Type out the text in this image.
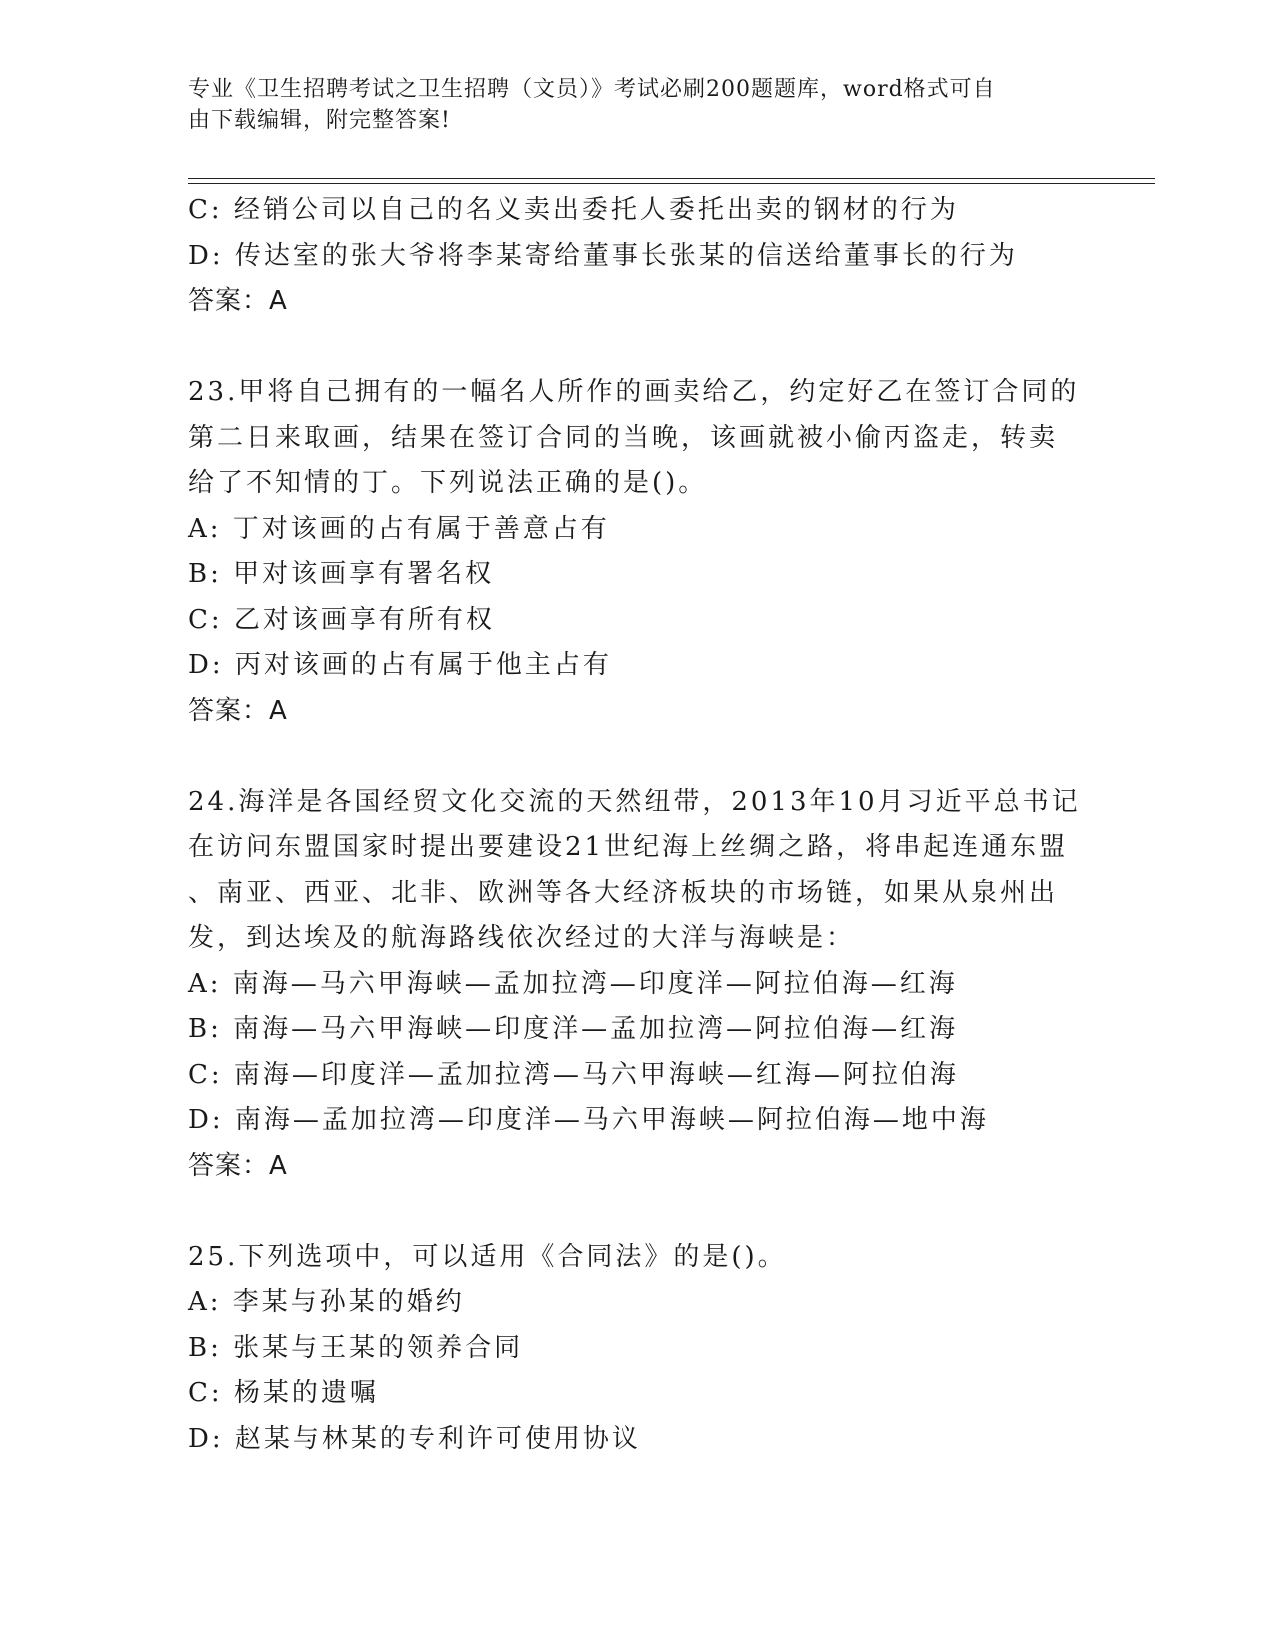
专业《卫生招聘考试之卫生招聘（文员）》考试必刷200题题库，word格式可自
由下载编辑，附完整答案!
C: 经销公司以自己的名义卖出委托人委托出卖的钢材的行为
D: 传达室的张大爷将李某寄给董事长张某的信送给董事长的行为
答案：A
23.甲将自己拥有的一幅名人所作的画卖给乙，约定好乙在签订合同的
第二日来取画，结果在签订合同的当晚，该画就被小偷丙盗走，转卖
给了不知情的丁。下列说法正确的是()。
A: 丁对该画的占有属于善意占有
B: 甲对该画享有署名权
C: 乙对该画享有所有权
D: 丙对该画的占有属于他主占有
答案：A
24.海洋是各国经贸文化交流的天然纽带，2013年10月习近平总书记
在访问东盟国家时提出要建设21世纪海上丝绸之路，将串起连通东盟
、南亚、西亚、北非、欧洲等各大经济板块的市场链，如果从泉州出
发，到达埃及的航海路线依次经过的大洋与海峡是：
A: 南海—马六甲海峡—孟加拉湾—印度洋—阿拉伯海—红海
B: 南海—马六甲海峡—印度洋—孟加拉湾—阿拉伯海—红海
C: 南海—印度洋—孟加拉湾—马六甲海峡—红海—阿拉伯海
D: 南海—孟加拉湾—印度洋—马六甲海峡—阿拉伯海—地中海
答案：A
25.下列选项中，可以适用《合同法》的是()。
A: 李某与孙某的婚约
B: 张某与王某的领养合同
C: 杨某的遗嘱
D: 赵某与林某的专利许可使用协议
